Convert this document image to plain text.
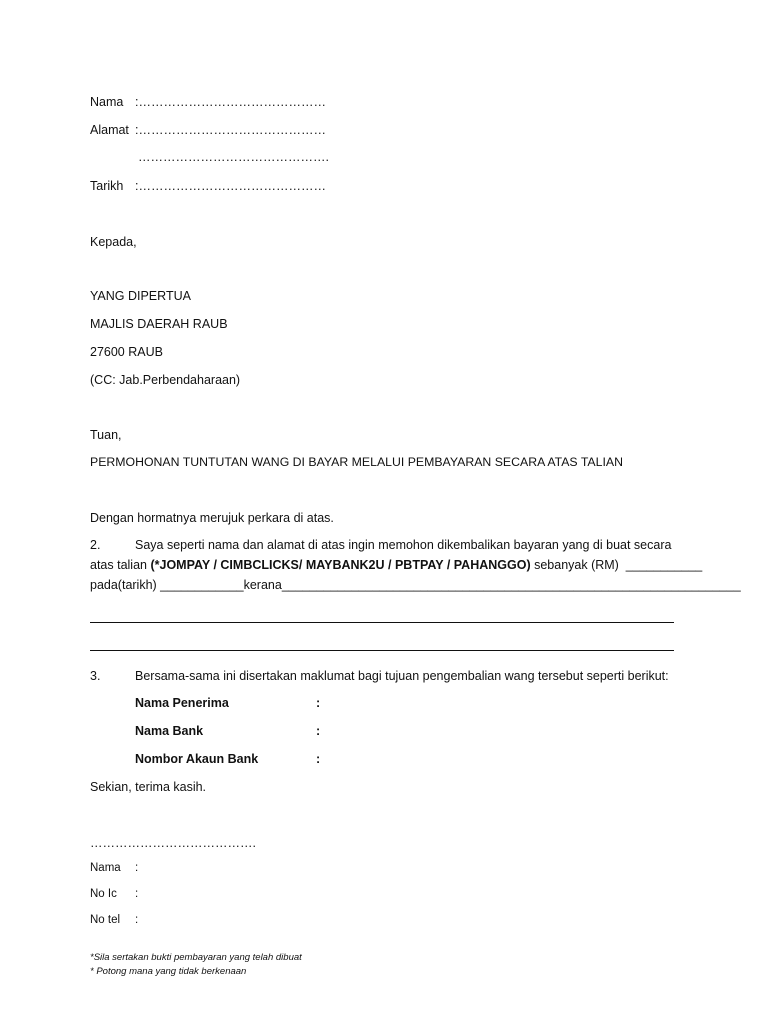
Nama :………………………………………
Alamat :………………………………………
……………………………………….
Tarikh :………………………………………
Kepada,
YANG DIPERTUA
MAJLIS DAERAH RAUB
27600 RAUB
(CC: Jab.Perbendaharaan)
Tuan,
PERMOHONAN TUNTUTAN WANG DI BAYAR MELALUI PEMBAYARAN SECARA ATAS TALIAN
Dengan hormatnya merujuk perkara di atas.
2.	Saya seperti nama dan alamat di atas ingin memohon dikembalikan bayaran yang di buat secara
atas talian (*JOMPAY / CIMBCLICKS/ MAYBANK2U / PBTPAY / PAHANGGO) sebanyak (RM)  ___________
pada(tarikh) ____________kerana__________________________________________________________________
3.	Bersama-sama ini disertakan maklumat bagi tujuan pengembalian wang tersebut seperti berikut:
Nama Penerima	:
Nama Bank	:
Nombor Akaun Bank	:
Sekian, terima kasih.
………………………………….
Nama :
No Ic :
No tel :
*Sila sertakan bukti pembayaran yang telah dibuat
* Potong mana yang tidak berkenaan
